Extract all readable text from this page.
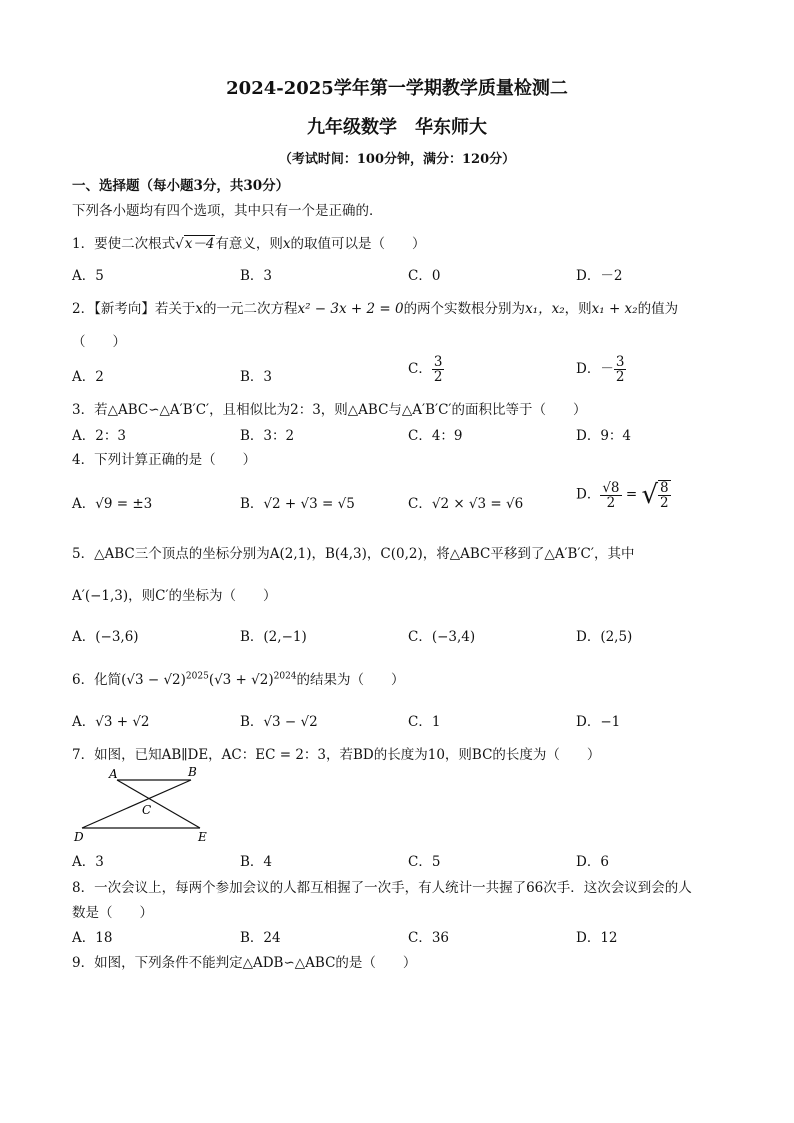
2024-2025学年第一学期教学质量检测二
九年级数学　华东师大
（考试时间：100分钟，满分：120分）
一、选择题（每小题3分，共30分）
下列各小题均有四个选项，其中只有一个是正确的．
1．要使二次根式√x－4有意义，则x的取值可以是（　　）
A．5	B．3	C．0	D．－2
2．【新考向】若关于x的一元二次方程x² − 3x + 2 = 0的两个实数根分别为x₁，x₂，则x₁ + x₂的值为
（　　）
A．2	B．3	C． $\frac{3}{2}$	D．－ $\frac{3}{2}$
3．若△ABC∽△A′B′C′，且相似比为2：3，则△ABC与△A′B′C′的面积比等于（　　）
A．2：3	B．3：2	C．4：9	D．9：4
4．下列计算正确的是（　　）
A．√9 = ±3	B．√2 + √3 = √5	C．√2 × √3 = √6
D． $\frac{√8}{2}$ = √ $\frac{8}{2}$
5．△ABC三个顶点的坐标分别为A(2,1)，B(4,3)，C(0,2)，将△ABC平移到了△A′B′C′，其中
A′(−1,3)，则C′的坐标为（　　）
A．(−3,6)	B．(2,−1)	C．(−3,4)	D．(2,5)
6．化简$(√3 - √2)^{2025}(√3 + √2)^{2024}$的结果为（　　）
A．√3 + √2	B．√3 − √2	C．1	D．−1
7．如图，已知AB∥DE，AC：EC = 2：3，若BD的长度为10，则BC的长度为（　　）
A	B
C
D	E
A．3	B．4	C．5	D．6
8．一次会议上，每两个参加会议的人都互相握了一次手，有人统计一共握了66次手．这次会议到会的人
数是（　　）
A．18	B．24	C．36	D．12
9．如图，下列条件不能判定△ADB∽△ABC的是（　　）
